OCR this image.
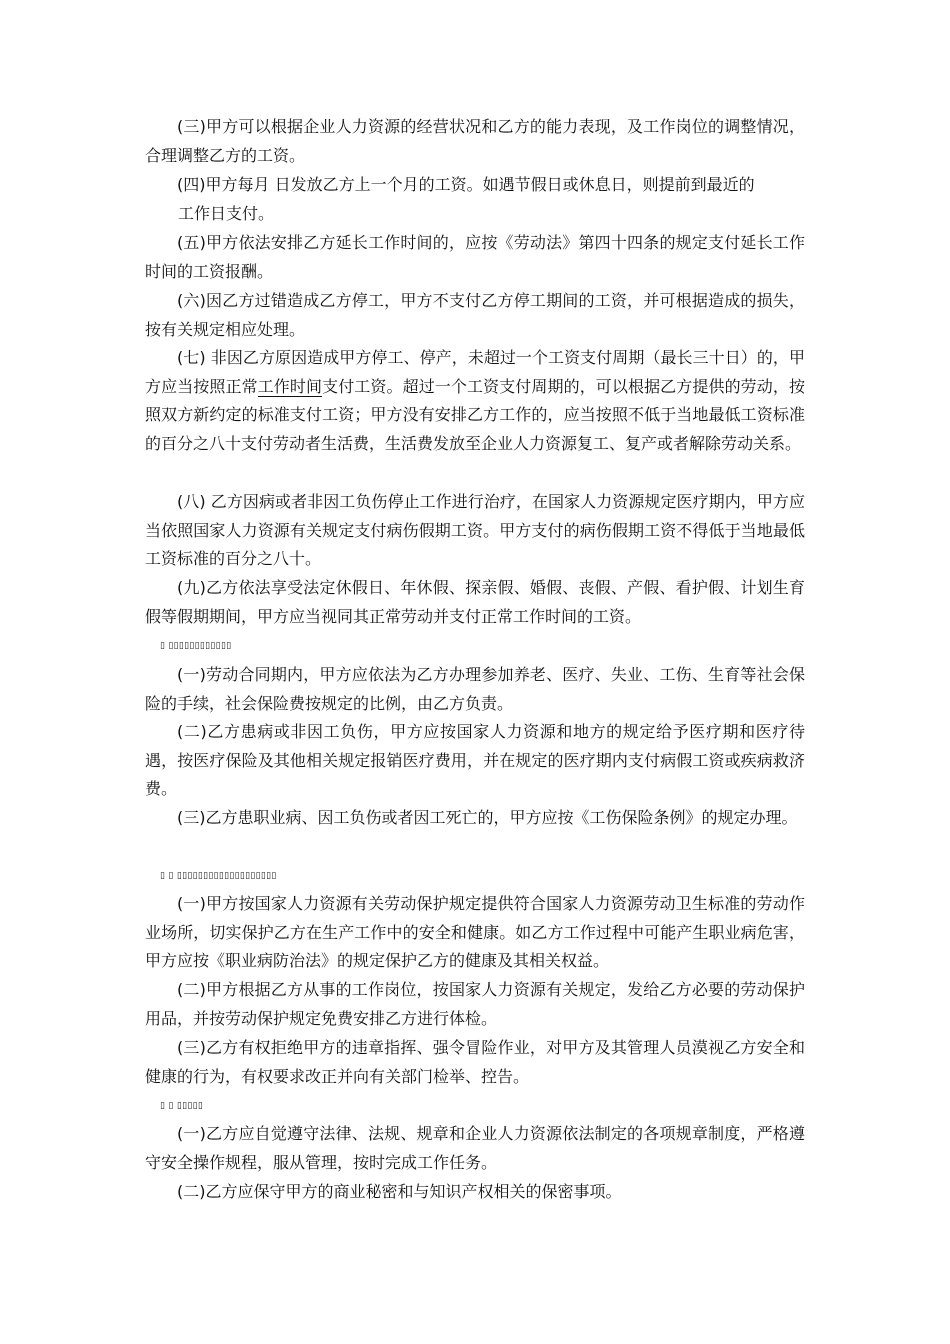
(三)甲方可以根据企业人力资源的经营状况和乙方的能力表现，及工作岗位的调整情况，合理调整乙方的工资。

(四)甲方每月 日发放乙方上一个月的工资。如遇节假日或休息日，则提前到最近的

工作日支付。

(五)甲方依法安排乙方延长工作时间的，应按《劳动法》第四十四条的规定支付延长工作时间的工资报酬。

(六)因乙方过错造成乙方停工，甲方不支付乙方停工期间的工资，并可根据造成的损失，按有关规定相应处理。

(七) 非因乙方原因造成甲方停工、停产，未超过一个工资支付周期（最长三十日）的，甲方应当按照正常工作时间支付工资。超过一个工资支付周期的，可以根据乙方提供的劳动，按照双方新约定的标准支付工资；甲方没有安排乙方工作的，应当按照不低于当地最低工资标准的百分之八十支付劳动者生活费，生活费发放至企业人力资源复工、复产或者解除劳动关系。

(八) 乙方因病或者非因工负伤停止工作进行治疗，在国家人力资源规定医疗期内，甲方应当依照国家人力资源有关规定支付病伤假期工资。甲方支付的病伤假期工资不得低于当地最低工资标准的百分之八十。

(九)乙方依法享受法定休假日、年休假、探亲假、婚假、丧假、产假、看护假、计划生育假等假期期间，甲方应当视同其正常劳动并支付正常工作时间的工资。

▯ ▯▯▯▯▯▯▯▯▯▯▯▯

(一)劳动合同期内，甲方应依法为乙方办理参加养老、医疗、失业、工伤、生育等社会保险的手续，社会保险费按规定的比例，由乙方负责。

(二)乙方患病或非因工负伤，甲方应按国家人力资源和地方的规定给予医疗期和医疗待遇，按医疗保险及其他相关规定报销医疗费用，并在规定的医疗期内支付病假工资或疾病救济费。

(三)乙方患职业病、因工负伤或者因工死亡的，甲方应按《工伤保险条例》的规定办理。

▯ ▯ ▯▯▯▯▯▯▯▯▯▯▯▯▯▯▯▯▯▯▯

(一)甲方按国家人力资源有关劳动保护规定提供符合国家人力资源劳动卫生标准的劳动作业场所，切实保护乙方在生产工作中的安全和健康。如乙方工作过程中可能产生职业病危害，甲方应按《职业病防治法》的规定保护乙方的健康及其相关权益。

(二)甲方根据乙方从事的工作岗位，按国家人力资源有关规定，发给乙方必要的劳动保护用品，并按劳动保护规定免费安排乙方进行体检。

(三)乙方有权拒绝甲方的违章指挥、强令冒险作业，对甲方及其管理人员漠视乙方安全和健康的行为，有权要求改正并向有关部门检举、控告。

▯ ▯ ▯▯▯▯▯

(一)乙方应自觉遵守法律、法规、规章和企业人力资源依法制定的各项规章制度，严格遵守安全操作规程，服从管理，按时完成工作任务。

(二)乙方应保守甲方的商业秘密和与知识产权相关的保密事项。
